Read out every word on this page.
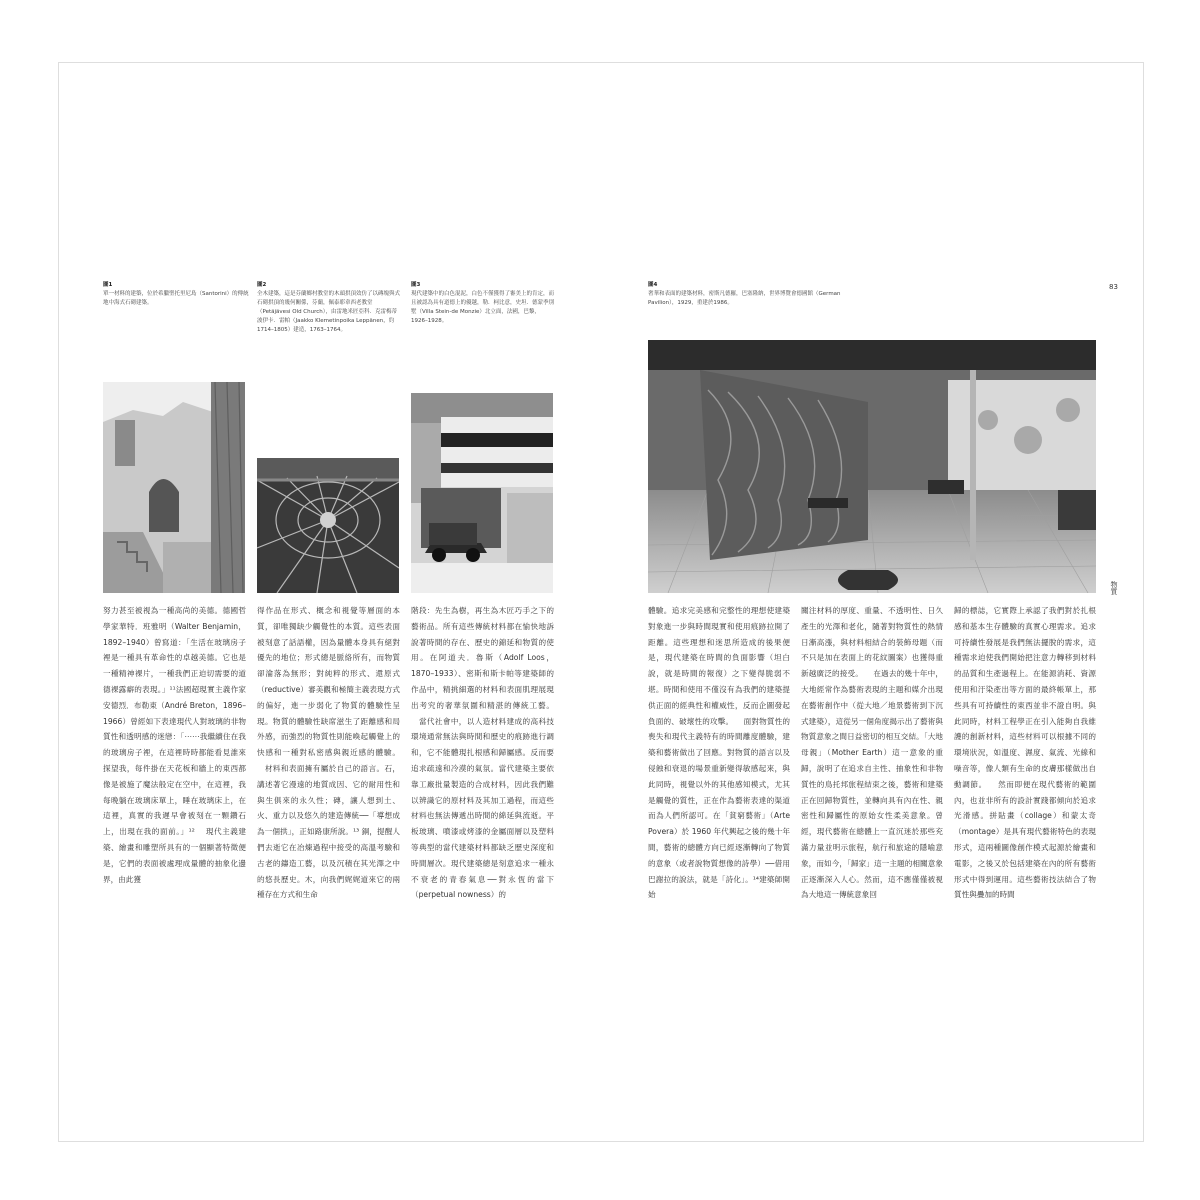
圖1
單一材料的建築，位於希臘聖托里尼島（Santorini）的傳統地中海式石砌建築。
圖2
全木建築，這是芬蘭鄉村教堂的木頭拱頂效仿了以磚塊與式石砌拱頂的幾何關係，芬蘭，佩泰耶韋西老教堂（Petäjävesi Old Church），由雷地米匠亞科．克雷梅蒂波伊卡．雷帕（Jaakko Klemetinpoika Leppänen，約 1714–1805）建造，1763–1764。
圖3
現代建築中的白色混泥，白色不僅獲得了審美上的肯定，而且被認為具有道德上的優越，勒．柯比意，史坦．德蒙季別墅（Villa Stein-de Monzie）北立面，法國，巴黎，1926–1928。
圖4
奢華和表面的建築材料，密斯凡德羅，巴塞隆納，世界博覽會德國館（German Pavilion），1929，重建於1986。
83
物質

努力甚至被視為一種高尚的美德。德國哲學家華特．班雅明（Walter Benjamin，1892–1940）曾寫道：「生活在玻璃房子裡是一種具有革命性的卓越美德。它也是一種精神裸片，一種我們正迫切需要的道德裸露癖的表現。」¹¹法國超現實主義作家安德烈．布勒東（André Breton，1896–1966）曾經如下表達現代人對玻璃的非物質性和透明感的迷戀：「⋯⋯我繼續住在我的玻璃房子裡，在這裡時時都能看見誰來探望我，每件掛在天花板和牆上的東西都像是被施了魔法般定在空中，在這裡，我每晚躺在玻璃床單上，睡在玻璃床上，在這裡，真實的我遲早會被刻在一顆鑽石上，出現在我的面前。」¹² 　現代主義建築、繪畫和雕塑所具有的一個顯著特徵便是，它們的表面被處理成量體的抽象化邊界，由此獲

得作品在形式、概念和視覺等層面的本質，卻唯獨缺少觸覺性的本質。這些表面被刻意了話語權，因為量體本身具有絕對優先的地位；形式總是脈絡所有，而物質卻淪落為無形；對純粹的形式、還原式（reductive）審美觀和極簡主義表現方式的偏好，進一步弱化了物質的體驗性呈現。物質的體驗性缺席滋生了距離感和局外感，而強烈的物質性則能喚起觸覺上的快感和一種對私密感與親近感的體驗。 　材料和表面擁有屬於自己的語言。石，講述著它漫遠的地質成因、它的耐用性和與生俱來的永久性；磚，讓人想到土、火、重力以及悠久的建造傳統──「導想成為一個拱」，正如路康所說。¹³ 銅，提醒人們去逝它在冶煉過程中接受的高溫考驗和古老的鑄造工藝，以及沉積在其光澤之中的悠長歷史。木，向我們娓娓道來它的兩種存在方式和生命

階段：先生為樹，再生為木匠巧手之下的藝術品。所有這些傳統材料都在愉快地訴說著時間的存在、歷史的錦延和物質的使用。在阿道夫．魯斯（Adolf Loos，1870–1933）、密斯和斯卡帕等建築師的作品中，精挑細選的材料和表面肌理展現出考究的奢華氛圍和精湛的傳統工藝。 　當代社會中，以人造材料建成的高科技環境通常無法與時間和歷史的痕跡進行調和，它不能體現扎根感和歸屬感。反而要追求疏遠和冷漠的氣氛。當代建築主要依靠工廠批量製造的合成材料，因此我們難以辨識它的原材料及其加工過程，而這些材料也無法傳遞出時間的綿延與流逝。平板玻璃、噴漆或烤漆的金屬面層以及塑料等典型的當代建築材料都缺乏歷史深度和時間層次。現代建築總是刻意追求一種永不衰老的青春氣息──對永恆的當下（perpetual nowness）的

體驗。追求完美感和完整性的理想使建築對象進一步與時間現實和使用痕跡拉開了距離。這些理想和迷思所造成的後果便是，現代建築在時間的負面影響（坦白說，就是時間的報復）之下變得脆弱不堪。時間和使用不僅沒有為我們的建築提供正面的經典性和權威性，反而企圖發起負面的、破壞性的攻擊。 　面對物質性的喪失和現代主義特有的時間離度體驗，建築和藝術做出了回應。對物質的語言以及侵蝕和衰退的場景重新變得敏感起來，與此同時，視覺以外的其他感知模式，尤其是觸覺的質性，正在作為藝術表達的渠道而為人們所認可。在「貧窮藝術」（Arte Povera）於 1960 年代興起之後的幾十年間，藝術的總體方向已經逐漸轉向了物質的意象（或者說物質想像的詩學）──借用巴謝拉的說法，就是「詩化」。¹⁴建築師開始

關注材料的厚度、重量、不透明性、日久產生的光澤和老化，隨著對物質性的熱情日漸高漲，與材料相結合的裝飾母題（而不只是加在表面上的花紋圖案）也獲得重新越廣泛的接受。 　在過去的幾十年中，大地經常作為藝術表現的主題和媒介出現在藝術創作中（從大地／地景藝術到下沉式建築），這從另一個角度揭示出了藝術與物質意象之間日益密切的相互交結。「大地母親」（Mother Earth）這一意象的重歸，說明了在追求自主性、抽象性和非物質性的鳥托邦旅程結束之後，藝術和建築正在回歸物質性，並轉向具有內在性、親密性和歸屬性的原始女性柔美意象。曾經，現代藝術在總體上一直沉迷於那些充滿力量並明示旅程，航行和旅途的隱喻意象，而如今，「歸家」這一主題的相關意象正逐漸深入人心。然而，這不應僅僅被視為大地這一傳統意象回

歸的標誌，它實際上承認了我們對於扎根感和基本生存體驗的真實心理需求。追求可持續性發展是我們無法擺脫的需求，這種需求迫使我們開始把注意力轉移到材料的品質和生產過程上。在能源消耗、資源使用和汙染產出等方面的最終帳單上，那些具有可持續性的東西並非不證自明。與此同時，材料工程學正在引入能夠自我維護的創新材料，這些材料可以根據不同的環境狀況，如溫度、濕度、氣流、光線和噪音等，像人類有生命的皮膚那樣做出自動調節。 　然而即便在現代藝術的範圍內，也並非所有的設計實踐都傾向於追求光滑感。拼貼畫（collage）和蒙太奇（montage）是具有現代藝術特色的表現形式，這兩種圖像創作模式起源於繪畫和電影，之後又於包括建築在內的所有藝術形式中得到運用。這些藝術技法結合了物質性與疊加的時間
